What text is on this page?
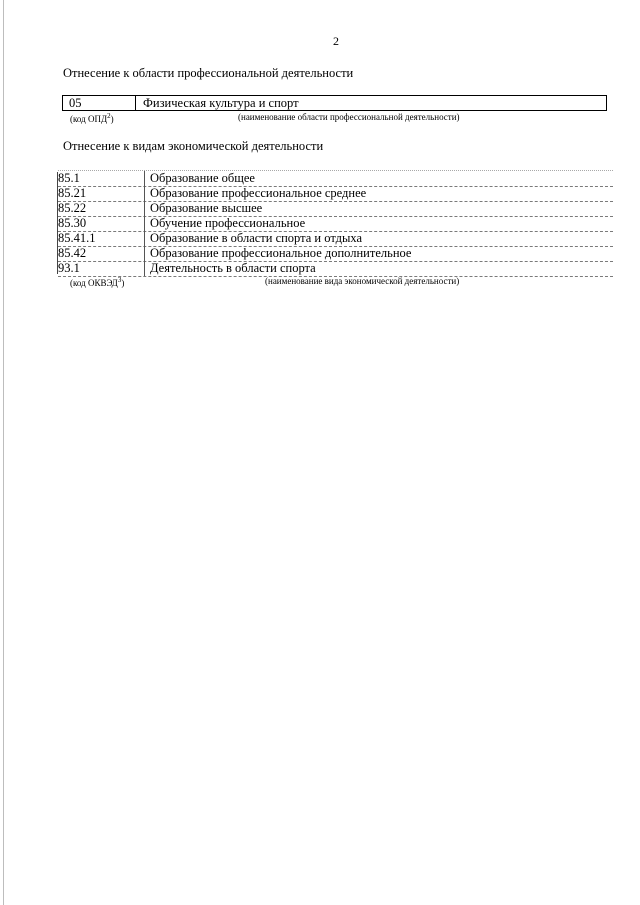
2
Отнесение к области профессиональной деятельности
05	Физическая культура и спорт
(код ОПД$^2$)	(наименование области профессиональной деятельности)
Отнесение к видам экономической деятельности
85.1	Образование общее
85.21	Образование профессиональное среднее
85.22	Образование высшее
85.30	Обучение профессиональное
85.41.1	Образование в области спорта и отдыха
85.42	Образование профессиональное дополнительное
93.1	Деятельность в области спорта
(код ОКВЭД$^3$)	(наименование вида экономической деятельности)
